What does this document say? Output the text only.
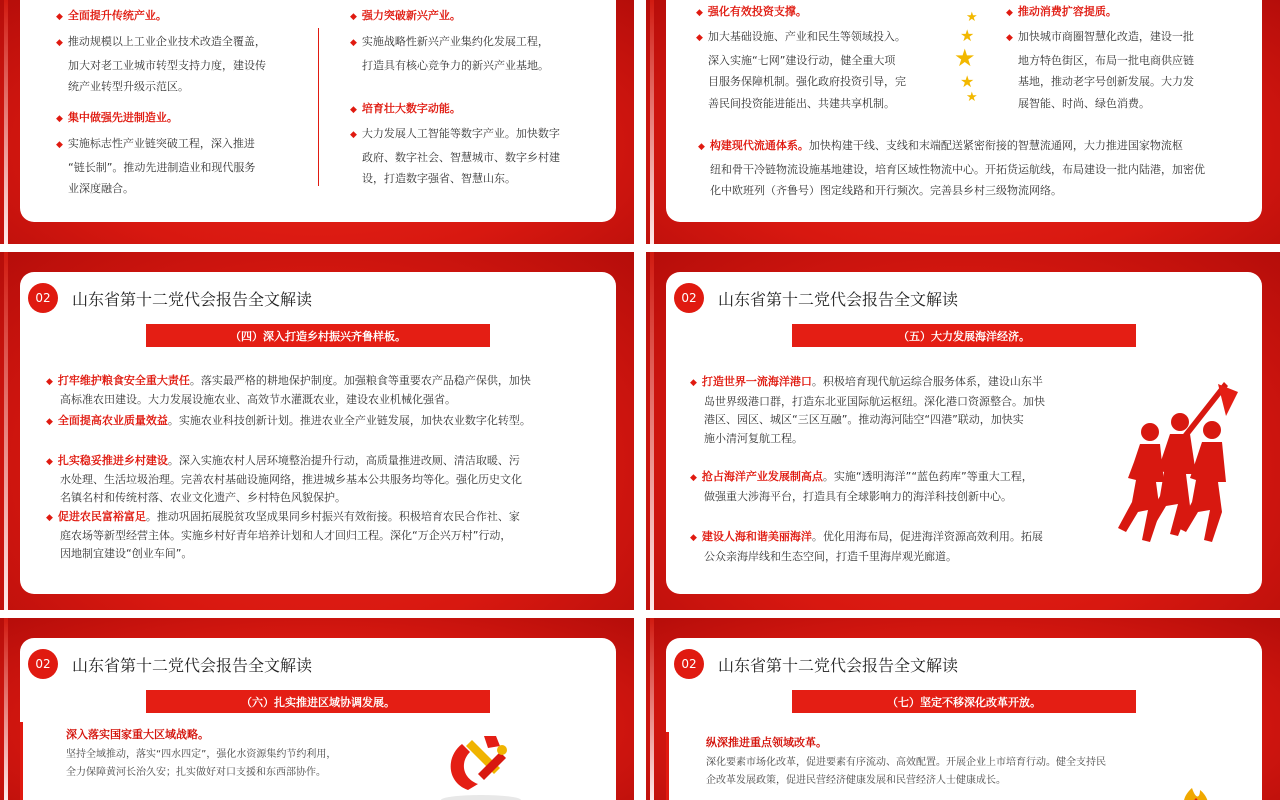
◆ 全面提升传统产业。
◆ 推动规模以上工业企业技术改造全覆盖，
加大对老工业城市转型支持力度，建设传
统产业转型升级示范区。
◆ 集中做强先进制造业。
◆ 实施标志性产业链突破工程，深入推进
“链长制”。推动先进制造业和现代服务
业深度融合。
◆ 强力突破新兴产业。
◆ 实施战略性新兴产业集约化发展工程，
打造具有核心竞争力的新兴产业基地。
◆ 培育壮大数字动能。
◆ 大力发展人工智能等数字产业。加快数字
政府、数字社会、智慧城市、数字乡村建
设，打造数字强省、智慧山东。
◆ 强化有效投资支撑。
◆ 加大基础设施、产业和民生等领域投入。
深入实施“七网”建设行动，健全重大项
目服务保障机制。强化政府投资引导，完
善民间投资能进能出、共建共享机制。
★
★
★
★
★
◆ 推动消费扩容提质。
◆ 加快城市商圈智慧化改造，建设一批
地方特色街区，布局一批电商供应链
基地，推动老字号创新发展。大力发
展智能、时尚、绿色消费。
◆ 构建现代流通体系。加快构建干线、支线和末端配送紧密衔接的智慧流通网，大力推进国家物流枢
纽和骨干冷链物流设施基地建设，培育区域性物流中心。开拓货运航线，布局建设一批内陆港，加密优
化中欧班列（齐鲁号）图定线路和开行频次。完善县乡村三级物流网络。
02	山东省第十二党代会报告全文解读
（四）深入打造乡村振兴齐鲁样板。
◆ 打牢维护粮食安全重大责任。落实最严格的耕地保护制度。加强粮食等重要农产品稳产保供，加快
高标准农田建设。大力发展设施农业、高效节水灌溉农业，建设农业机械化强省。
◆ 全面提高农业质量效益。实施农业科技创新计划。推进农业全产业链发展，加快农业数字化转型。
◆ 扎实稳妥推进乡村建设。深入实施农村人居环境整治提升行动，高质量推进改厕、清洁取暖、污
水处理、生活垃圾治理。完善农村基础设施网络，推进城乡基本公共服务均等化。强化历史文化
名镇名村和传统村落、农业文化遗产、乡村特色风貌保护。
◆ 促进农民富裕富足。推动巩固拓展脱贫攻坚成果同乡村振兴有效衔接。积极培育农民合作社、家
庭农场等新型经营主体。实施乡村好青年培养计划和人才回归工程。深化“万企兴万村”行动，
因地制宜建设“创业车间”。
02	山东省第十二党代会报告全文解读
（五）大力发展海洋经济。
◆ 打造世界一流海洋港口。积极培育现代航运综合服务体系，建设山东半
岛世界级港口群，打造东北亚国际航运枢纽。深化港口资源整合。加快
港区、园区、城区“三区互融”。推动海河陆空“四港”联动，加快实
施小清河复航工程。
◆ 抢占海洋产业发展制高点。实施“透明海洋”“蓝色药库”等重大工程，
做强重大涉海平台，打造具有全球影响力的海洋科技创新中心。
◆ 建设人海和谐美丽海洋。优化用海布局，促进海洋资源高效利用。拓展
公众亲海岸线和生态空间，打造千里海岸观光廊道。
02	山东省第十二党代会报告全文解读
（六）扎实推进区域协调发展。
深入落实国家重大区域战略。
坚持全域推动，落实“四水四定”，强化水资源集约节约利用，
全力保障黄河长治久安；扎实做好对口支援和东西部协作。
02	山东省第十二党代会报告全文解读
（七）坚定不移深化改革开放。
纵深推进重点领域改革。
深化要素市场化改革，促进要素有序流动、高效配置。开展企业上市培育行动。健全支持民
企改革发展政策，促进民营经济健康发展和民营经济人士健康成长。
